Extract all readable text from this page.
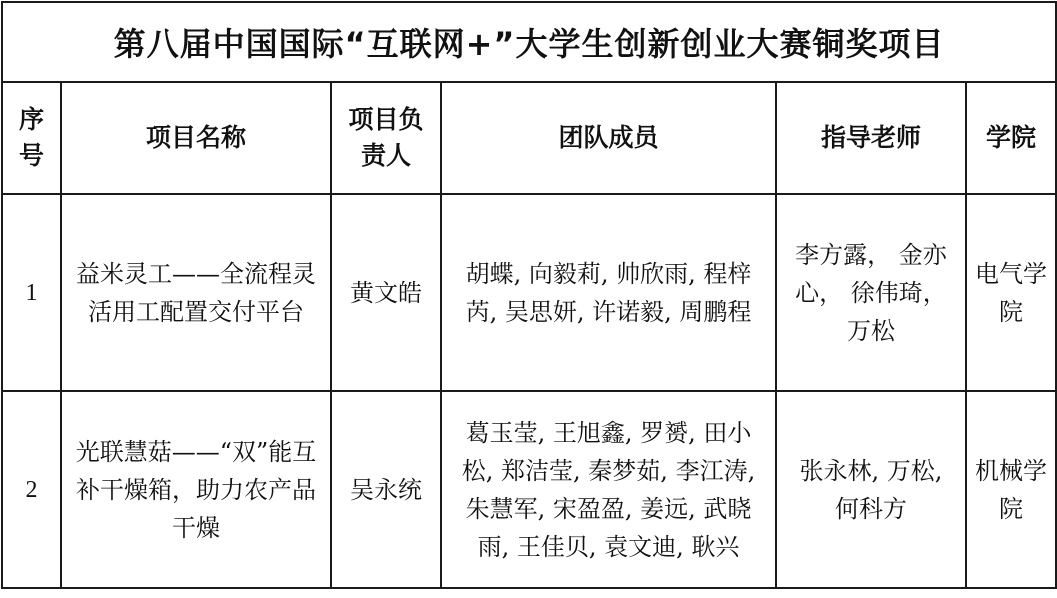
第八届中国国际“互联网+”大学生创新创业大赛铜奖项目					
序号	项目名称	项目负责人	团队成员	指导老师	学院
1	益米灵工——全流程灵活用工配置交付平台	黄文皓	胡蝶, 向毅莉, 帅欣雨, 程梓芮, 吴思妍, 许诺毅, 周鹏程	李方露， 金亦心， 徐伟琦， 万松	电气学院
2	光联慧菇——“双”能互补干燥箱，助力农产品干燥	吴永统	葛玉莹, 王旭鑫, 罗赟, 田小松, 郑洁莹, 秦梦茹, 李江涛, 朱慧军, 宋盈盈, 姜远, 武晓雨, 王佳贝, 袁文迪, 耿兴	张永林, 万松, 何科方	机械学院
